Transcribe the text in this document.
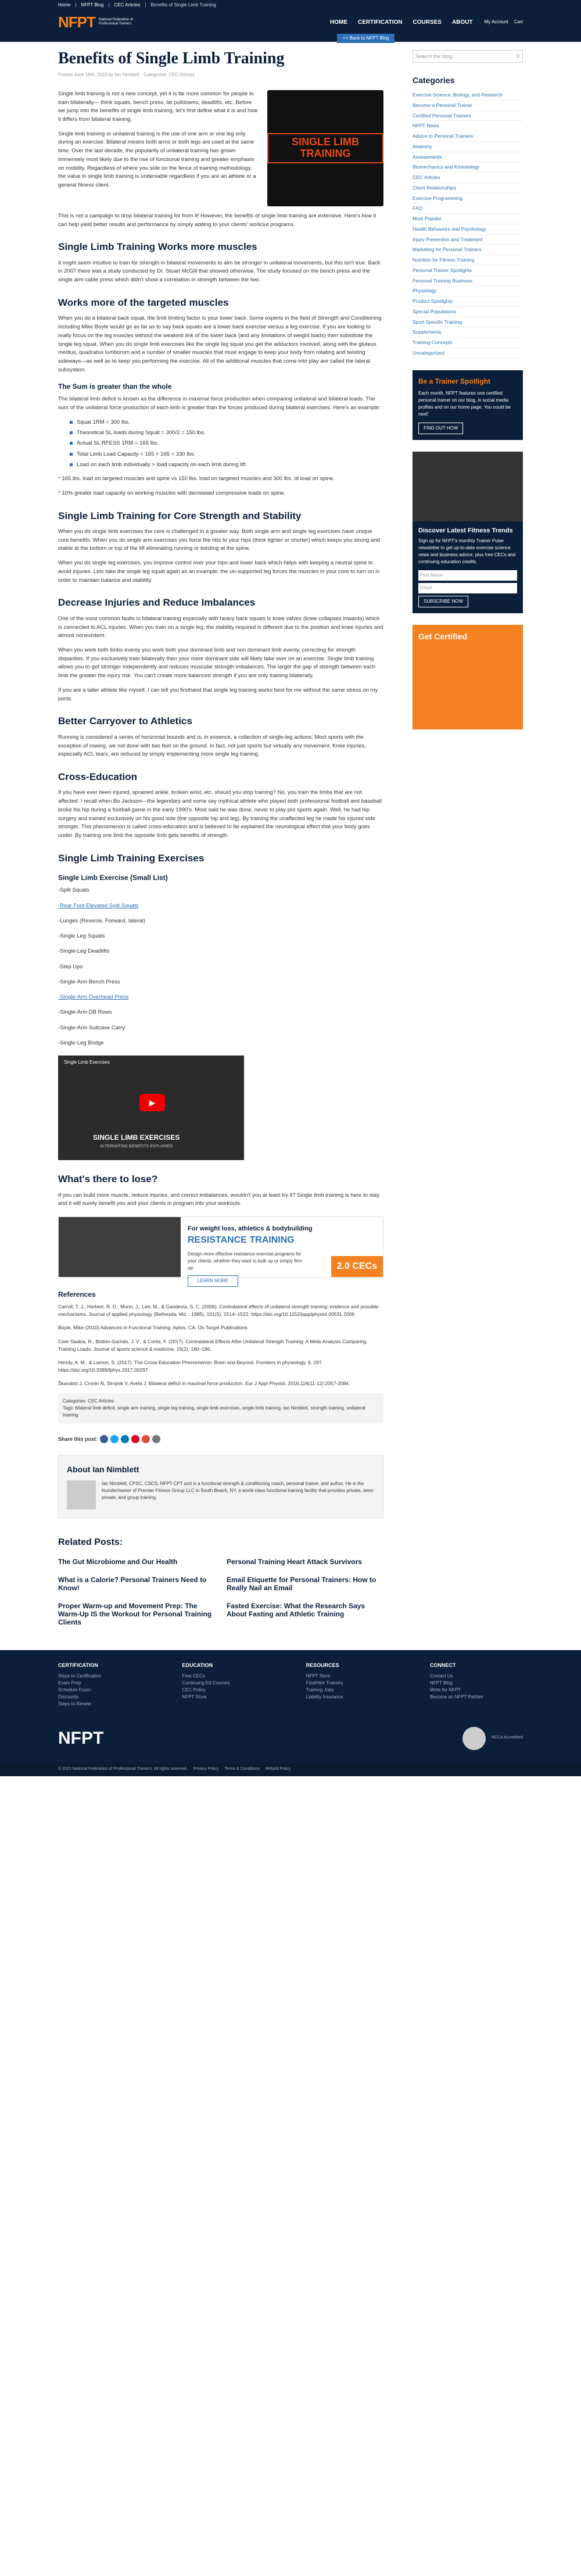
Home | NFPT Blog | CEC Articles | Benefits of Single Limb Training
NFPT National Federation of Professional Trainers	HOME CERTIFICATION COURSES ABOUT	My Account Cart
<< Back to NFPT Blog
Benefits of Single Limb Training
Posted June 16th, 2023 by Ian Nimblett · Categories: CEC Articles

Single limb training is not a new concept, yet it is far more common for people to train bilaterally— think squats, bench press, lat pulldowns, deadlifts, etc. Before we jump into the benefits of single limb training, let's first define what it is and how it differs from bilateral training.

Single limb training or unilateral training is the use of one arm or one leg only during an exercise. Bilateral means both arms or both legs are used at the same time. Over the last decade, the popularity of unilateral training has grown immensely most likely due to the rise of functional training and greater emphasis on mobility. Regardless of where you side on the fence of training methodology, the value in single limb training is undeniable regardless if you are an athlete or a general fitness client.

SINGLE LIMB TRAINING

This is not a campaign to drop bilateral training for from it! However, the benefits of single limb training are extensive. Here's how it can help yield better results and performance by simply adding to your clients' workout programs.

Single Limb Training Works more muscles

It might seem intuitive to train for strength in bilateral movements to aim be stronger in unilateral movements, but this isn't true. Back in 2007 there was a study conducted by Dr. Stuart McGill that showed otherwise. The study focused on the bench press and the single arm cable press which didn't show a correlation in strength between the two.

Works more of the targeted muscles

When you do a bilateral back squat, the limit limiting factor is your lower back. Some experts in the field of Strength and Conditioning including Mike Boyle would go as far as to say back squats are a lower back exercise versus a leg exercise. If you are looking to really focus on the leg muscles without the weakest link of the lower back (and any limitations of weight loads) then substitute the single leg squat. When you do single limb exercises like the single leg squat you get the adductors involved, along with the gluteus medius, quadratus lumborum and a number of smaller muscles that must engage to keep your body from rotating and twisting sideways—as well as to keep you performing the exercise. All of the additional muscles that come into play are called the lateral subsystem.

The Sum is greater than the whole

The bilateral limb deficit is known as the difference in maximal force production when comparing unilateral and bilateral loads. The sum of the unilateral force production of each limb is greater than the forces produced during bilateral exercises. Here's an example:

Squat 1RM = 300 lbs.
Theoretical SL loads during Squat = 300/2 = 150 lbs.
Actual SL RFESS 1RM = 165 lbs.
Total Limb Load Capacity = 165 + 165 = 330 lbs.
Load on each limb individually > load capacity on each limb during lift

* 165 lbs. load on targeted muscles and spine vs 150 lbs. load on targeted muscles and 300 lbs. of load on spine.

* 10% greater load capacity on working muscles with decreased compressive loads on spine.

Single Limb Training for Core Strength and Stability

When you do single limb exercises the core is challenged in a greater way. Both single arm and single leg exercises have unique core benefits. When you do single arm exercises you force the ribs to your hips (think tighter or shorter) which keeps you strong and stable at the bottom or top of the lift eliminating running or twisting at the spine.

When you do single leg exercises, you improve control over your hips and lower back which helps with keeping a neutral spine to avoid injuries. Lets take the single leg squat again as an example: the un-supported leg forces the muscles in your core to turn on in order to maintain balance and stability.

Decrease Injuries and Reduce Imbalances

One of the most common faults in bilateral training especially with heavy back squats is knee valves (knee collapses inwards) which is connected to ACL injuries. When you train on a single leg, the stability required is different due to the position and knee injuries and almost nonexistent.

When you work both limbs evenly you work both your dominant limb and non dominant limb evenly, correcting for strength disparities. If you exclusively train bilaterally then your more dominant side will likely take over on an exercise. Single limb training allows you to get stronger independently and reduces muscular strength imbalances. The larger the gap of strength between each limb the greater the injury risk. You can't create more balanced strength if you are only training bilaterally.

If you are a taller athlete like myself, I can tell you firsthand that single leg training works best for me without the same stress on my joints.

Better Carryover to Athletics

Running is considered a series of horizontal bounds and is, in essence, a collection of single-leg actions. Most sports with the exception of rowing, we not done with two feet on the ground. In fact, not just sports but virtually any movement. Knee injuries, especially ACL tears, are reduced by simply implementing more single leg training.

Cross-Education

If you have ever been injured, sprained ankle, broken wrist, etc. should you stop training? No, you train the limbs that are not affected. I recall when Bo Jackson—the legendary and some say mythical athlete who played both professional football and baseball broke his hip during a football game in the early 1990's. Most said he was done, never to play pro sports again. Well, he had hip surgery and trained exclusively on his good side (the opposite hip and leg). By training the unaffected leg he made his injured side stronger. This phenomenon is called cross-education and is believed to be explained the neurological effect that your body goes under. By training one limb the opposite limb gets benefits of strength.

Single Limb Training Exercises
Single Limb Exercise (Small List)
-Split Squats
-Rear Foot Elevated Split Squats
-Lunges (Reverse, Forward, lateral)
-Single Leg Squats
-Single-Leg Deadlifts
-Step Ups
-Single-Arm Bench Press
-Single-Arm Overhead Press
-Single-Arm DB Rows
-Single-Arm Suitcase Carry
-Single-Leg Bridge
Single Limb Exercises
▶
SINGLE LIMB EXERCISES
ALTERNATING BENEFITS EXPLAINED
What's there to lose?

If you can build more muscle, reduce injuries, and correct imbalances, wouldn't you at least try it? Single limb training is here to stay and it will surely benefit you and your clients in program into your workouts.

For weight loss, athletics & bodybuilding
RESISTANCE TRAINING
Design more effective resistance exercise programs for your clients, whether they want to bulk up or simply firm up.
LEARN MORE
2.0 CECs
References

Carroll, T. J., Herbert, R. D., Munn, J., Lee, M., & Gandevia, S. C. (2006). Contralateral effects of unilateral strength training: evidence and possible mechanisms. Journal of applied physiology (Bethesda, Md. : 1985), 101(5), 1514–1522. https://doi.org/10.1152/japplphysiol.00531.2006

Boyle, Mike (2010) Advances in Functional Training. Aptos, CA: On Target Publications

Coer-Saskia, R., Bottón-Garrido, J. V., & Cortis, F. (2017). Contralateral Effects After Unilateral Strength Training: A Meta-Analysis Comparing Training Loads. Journal of sports science & medicine, 16(2), 180–186.

Hendy, A. M., & Lamon, S. (2017). The Cross-Education Phenomenon: Brain and Beyond. Frontiers in physiology, 8, 297. https://doi.org/10.3389/fphys.2017.00297

Škarabot J, Cronin N, Strojnik V, Avela J. Bilateral deficit in maximal force production. Eur J Appl Physiol. 2016;116(11-12):2057-2084.

Categories: CEC Articles
Tags: bilateral limb deficit, single arm training, single leg training, single limb exercises, single limb training, Ian Nimblett, strength training, unilateral training
Share this post:
About Ian Nimblett
Ian Nimblett, CPSC, CSCS, NFPT-CPT and is a functional strength & conditioning coach, personal trainer, and author. He is the founder/owner of Premier Fitness Group LLC in South Beach, NY, a world-class functional training facility that provides private, semi-private, and group training.
Related Posts:
The Gut Microbiome and Our Health	Personal Training Heart Attack Survivors
What is a Calorie? Personal Trainers Need to Know!
Email Etiquette for Personal Trainers: How to Really Nail an Email
Proper Warm-up and Movement Prep: The Warm-Up IS the Workout for Personal Training Clients
Fasted Exercise: What the Research Says About Fasting and Athletic Training
Search the blog...	⚲
Categories
Exercise Science, Biology, and Research
Become a Personal Trainer
Certified Personal Trainers
NFPT News
Advice to Personal Trainers
Anatomy
Assessments
Biomechanics and Kinesiology
CEC Articles
Client Relationships
Exercise Programming
FAQ
Most Popular
Health Behaviors and Psychology
Injury Prevention and Treatment
Marketing for Personal Trainers
Nutrition for Fitness Training
Personal Trainer Spotlights
Personal Training Business
Physiology
Product Spotlights
Special Populations
Sport Specific Training
Supplements
Training Concepts
Uncategorized
Be a Trainer Spotlight
Each month, NFPT features one certified personal trainer on our blog, in social media profiles and on our home page. You could be next!
FIND OUT HOW
Discover Latest Fitness Trends
Sign up for NFPT's monthly Trainer Pulse newsletter to get up-to-date exercise science news and business advice, plus free CECs and continuing education credits.
First Name
Email
SUBSCRIBE NOW
Get Certified
CERTIFICATION
Steps to Certification
Exam Prep
Schedule Exam
Discounts
Steps to Renew
EDUCATION
Free CECs
Continuing Ed Courses
CEC Policy
NFPT Store
RESOURCES
NFPT Store
Find/Hire Trainers
Training Jobs
Liability Insurance
CONNECT
Contact Us
NFPT Blog
Write for NFPT
Become an NFPT Partner
NFPT	NCCA Accredited
© 2023 National Federation of Professional Trainers. All rights reserved. Privacy Policy Terms & Conditions Refund Policy
